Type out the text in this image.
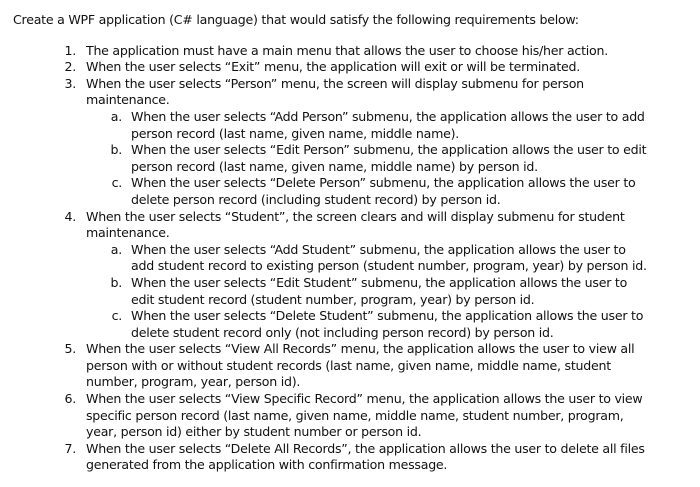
Create a WPF application (C# language) that would satisfy the following requirements below:
1. The application must have a main menu that allows the user to choose his/her action.
2. When the user selects “Exit” menu, the application will exit or will be terminated.
3. When the user selects “Person” menu, the screen will display submenu for person
maintenance.
a. When the user selects “Add Person” submenu, the application allows the user to add
person record (last name, given name, middle name).
b. When the user selects “Edit Person” submenu, the application allows the user to edit
person record (last name, given name, middle name) by person id.
c. When the user selects “Delete Person” submenu, the application allows the user to
delete person record (including student record) by person id.
4. When the user selects “Student”, the screen clears and will display submenu for student
maintenance.
a. When the user selects “Add Student” submenu, the application allows the user to
add student record to existing person (student number, program, year) by person id.
b. When the user selects “Edit Student” submenu, the application allows the user to
edit student record (student number, program, year) by person id.
c. When the user selects “Delete Student” submenu, the application allows the user to
delete student record only (not including person record) by person id.
5. When the user selects “View All Records” menu, the application allows the user to view all
person with or without student records (last name, given name, middle name, student
number, program, year, person id).
6. When the user selects “View Specific Record” menu, the application allows the user to view
specific person record (last name, given name, middle name, student number, program,
year, person id) either by student number or person id.
7. When the user selects “Delete All Records”, the application allows the user to delete all files
generated from the application with confirmation message.
